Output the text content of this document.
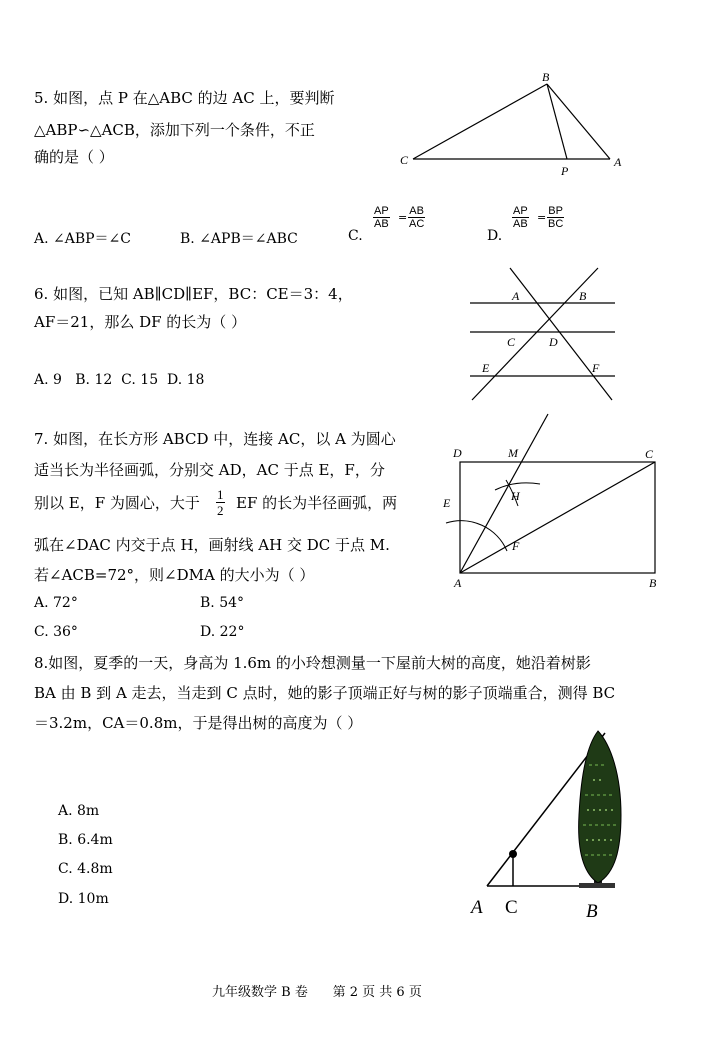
5. 如图，点 P 在△ABC 的边 AC 上，要判断
△ABP∽△ACB，添加下列一个条件，不正
确的是（ ）
B
C	A
P
A. ∠ABP＝∠C	B. ∠APB＝∠ABC	C.
$\frac{AP}{AB} = \frac{AB}{AC}$
D.
$\frac{AP}{AB} = \frac{BP}{BC}$
6. 如图，已知 AB∥CD∥EF，BC：CE＝3：4，
AF＝21，那么 DF 的长为（ ）
A. 9   B. 12  C. 15  D. 18
A	B
C	D
E	F
7. 如图，在长方形 ABCD 中，连接 AC，以 A 为圆心
适当长为半径画弧，分别交 AD，AC 于点 E，F，分
别以 E，F 为圆心，大于 $\frac{1}{2}$ EF 的长为半径画弧，两
弧在∠DAC 内交于点 H，画射线 AH 交 DC 于点 M.
若∠ACB=72°，则∠DMA 的大小为（ ）
A. 72°	B. 54°
C. 36°	D. 22°
D	M	C
H
E
F
A	B
8.如图，夏季的一天，身高为 1.6m 的小玲想测量一下屋前大树的高度，她沿着树影
BA 由 B 到 A 走去，当走到 C 点时，她的影子顶端正好与树的影子顶端重合，测得 BC
＝3.2m，CA＝0.8m，于是得出树的高度为（ ）
A. 8m
B. 6.4m
C. 4.8m
D. 10m	A C	B
九年级数学 B 卷      第 2 页 共 6 页
